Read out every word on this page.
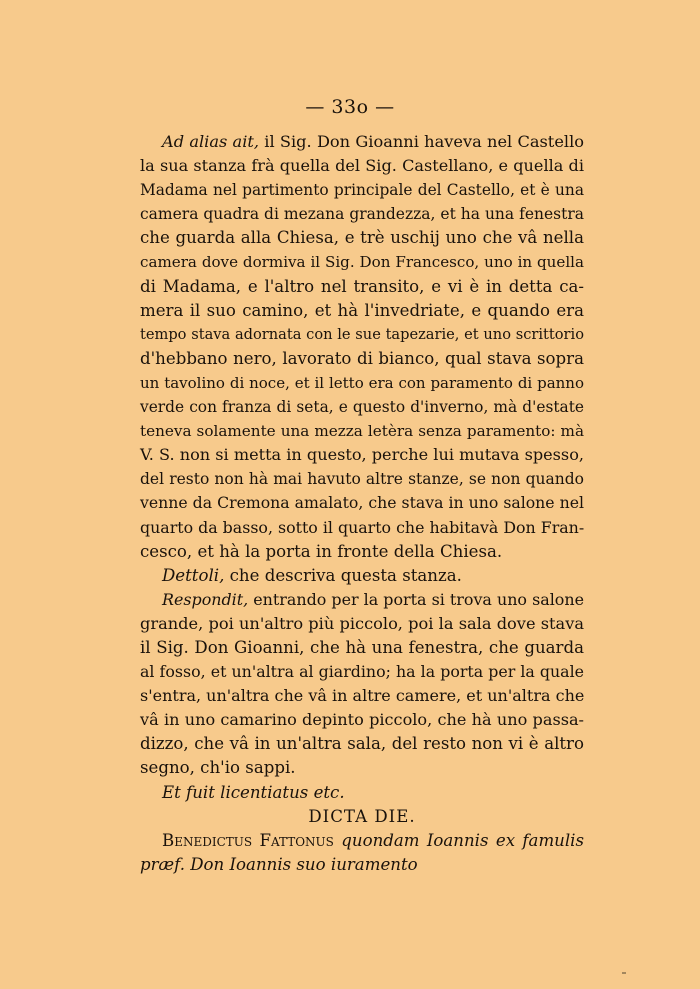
— 33o —
Ad alias ait, il Sig. Don Gioanni haveva nel Castello
la sua stanza frà quella del Sig. Castellano, e quella di
Madama nel partimento principale del Castello, et è una
camera quadra di mezana grandezza, et ha una fenestra
che guarda alla Chiesa, e trè uschij uno che vâ nella
camera dove dormiva il Sig. Don Francesco, uno in quella
di Madama, e l'altro nel transito, e vi è in detta ca-
mera il suo camino, et hà l'invedriate, e quando era
tempo stava adornata con le sue tapezarie, et uno scrittorio
d'hebbano nero, lavorato di bianco, qual stava sopra
un tavolino di noce, et il letto era con paramento di panno
verde con franza di seta, e questo d'inverno, mà d'estate
teneva solamente una mezza letèra senza paramento: mà
V. S. non si metta in questo, perche lui mutava spesso,
del resto non hà mai havuto altre stanze, se non quando
venne da Cremona amalato, che stava in uno salone nel
quarto da basso, sotto il quarto che habitavà Don Fran-
cesco, et hà la porta in fronte della Chiesa.
Dettoli, che descriva questa stanza.
Respondit, entrando per la porta si trova uno salone
grande, poi un'altro più piccolo, poi la sala dove stava
il Sig. Don Gioanni, che hà una fenestra, che guarda
al fosso, et un'altra al giardino; ha la porta per la quale
s'entra, un'altra che vâ in altre camere, et un'altra che
vâ in uno camarino depinto piccolo, che hà uno passa-
dizzo, che vâ in un'altra sala, del resto non vi è altro
segno, ch'io sappi.
Et fuit licentiatus etc.
DICTA DIE.
Benedictus Fattonus quondam Ioannis ex famulis
præf. Don Ioannis suo iuramento
